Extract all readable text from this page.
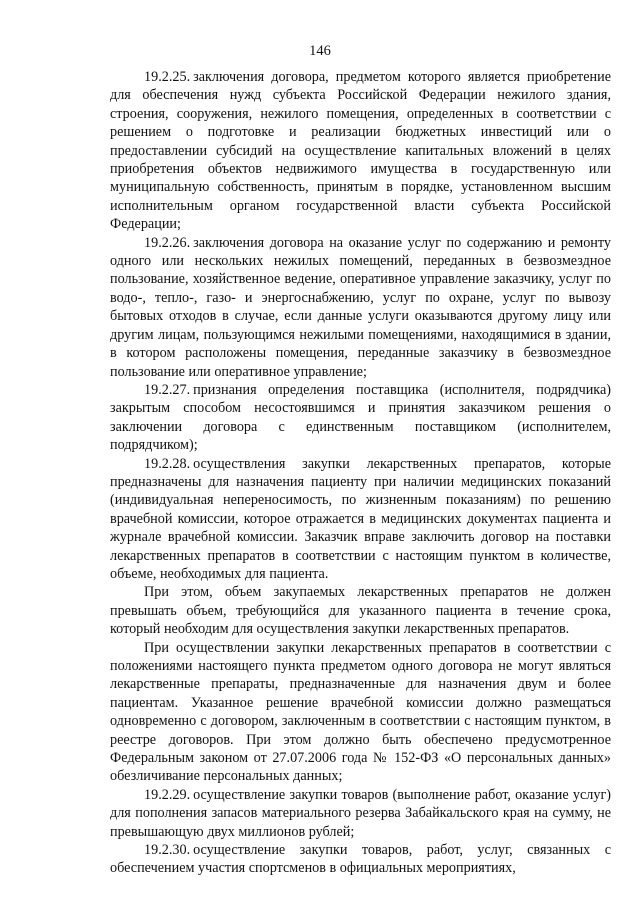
146

19.2.25. заключения договора, предметом которого является приобретение для обеспечения нужд субъекта Российской Федерации нежилого здания, строения, сооружения, нежилого помещения, определенных в соответствии с решением о подготовке и реализации бюджетных инвестиций или о предоставлении субсидий на осуществление капитальных вложений в целях приобретения объектов недвижимого имущества в государственную или муниципальную собственность, принятым в порядке, установленном высшим исполнительным органом государственной власти субъекта Российской Федерации;

19.2.26. заключения договора на оказание услуг по содержанию и ремонту одного или нескольких нежилых помещений, переданных в безвозмездное пользование, хозяйственное ведение, оперативное управление заказчику, услуг по водо-, тепло-, газо- и энергоснабжению, услуг по охране, услуг по вывозу бытовых отходов в случае, если данные услуги оказываются другому лицу или другим лицам, пользующимся нежилыми помещениями, находящимися в здании, в котором расположены помещения, переданные заказчику в безвозмездное пользование или оперативное управление;

19.2.27. признания определения поставщика (исполнителя, подрядчика) закрытым способом несостоявшимся и принятия заказчиком решения о заключении договора с единственным поставщиком (исполнителем, подрядчиком);

19.2.28. осуществления закупки лекарственных препаратов, которые предназначены для назначения пациенту при наличии медицинских показаний (индивидуальная непереносимость, по жизненным показаниям) по решению врачебной комиссии, которое отражается в медицинских документах пациента и журнале врачебной комиссии. Заказчик вправе заключить договор на поставки лекарственных препаратов в соответствии с настоящим пунктом в количестве, объеме, необходимых для пациента.

При этом, объем закупаемых лекарственных препаратов не должен превышать объем, требующийся для указанного пациента в течение срока, который необходим для осуществления закупки лекарственных препаратов.

При осуществлении закупки лекарственных препаратов в соответствии с положениями настоящего пункта предметом одного договора не могут являться лекарственные препараты, предназначенные для назначения двум и более пациентам. Указанное решение врачебной комиссии должно размещаться одновременно с договором, заключенным в соответствии с настоящим пунктом, в реестре договоров. При этом должно быть обеспечено предусмотренное Федеральным законом от 27.07.2006 года № 152-ФЗ «О персональных данных» обезличивание персональных данных;

19.2.29. осуществление закупки товаров (выполнение работ, оказание услуг) для пополнения запасов материального резерва Забайкальского края на сумму, не превышающую двух миллионов рублей;

19.2.30. осуществление закупки товаров, работ, услуг, связанных с обеспечением участия спортсменов в официальных мероприятиях,
